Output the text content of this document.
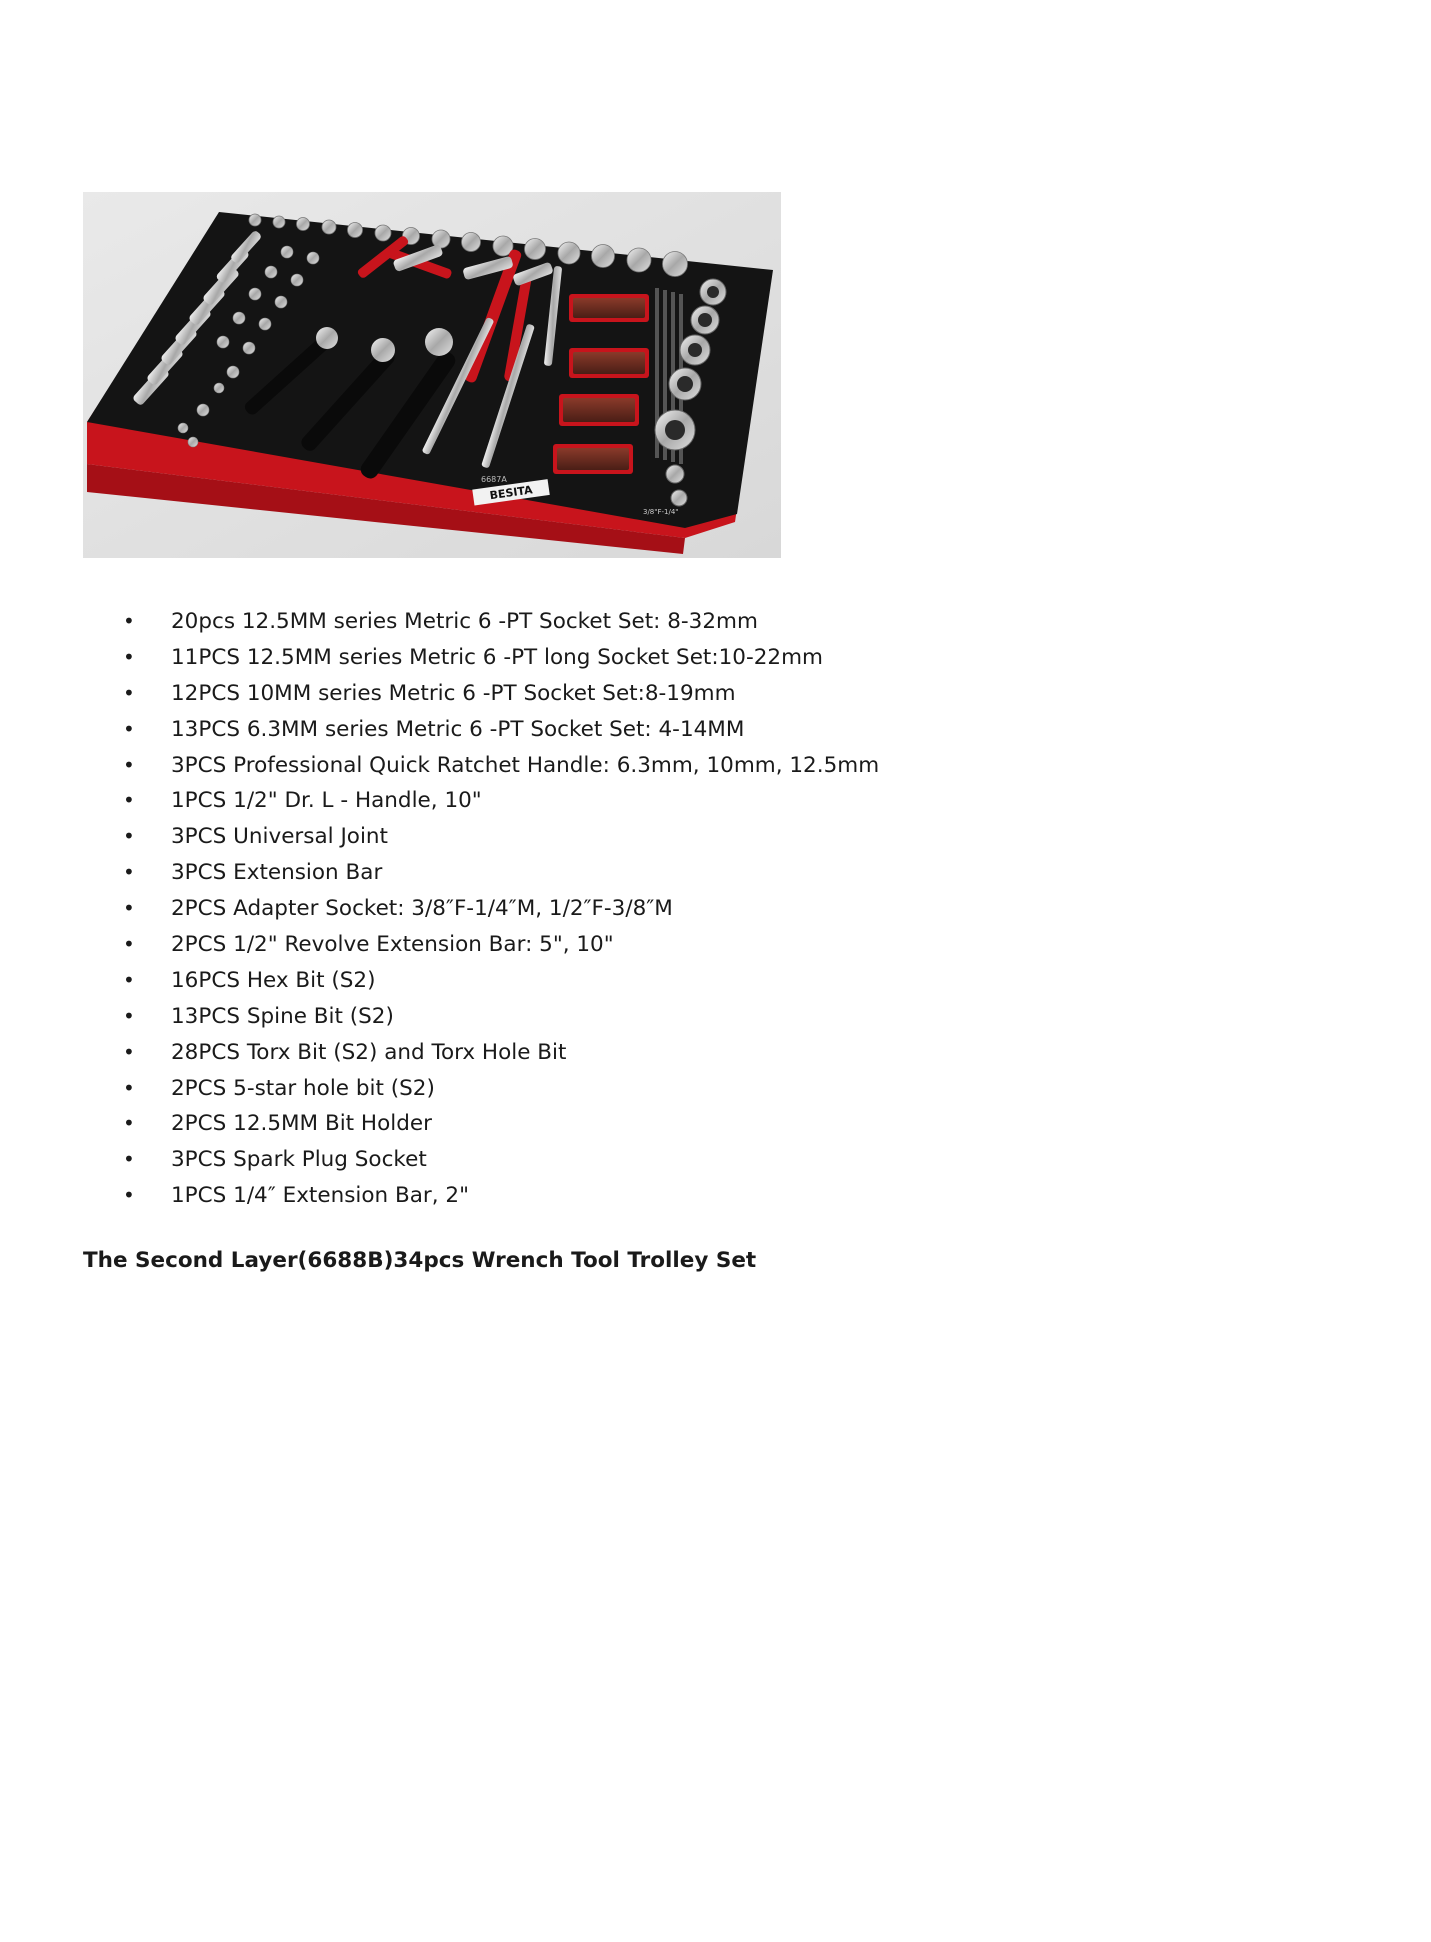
6687A
BESITA
3/8"F-1/4"
• 20pcs 12.5MM series Metric 6 -PT Socket Set: 8-32mm
• 11PCS 12.5MM series Metric 6 -PT long Socket Set:10-22mm
• 12PCS 10MM series Metric 6 -PT Socket Set:8-19mm
• 13PCS 6.3MM series Metric 6 -PT Socket Set: 4-14MM
• 3PCS Professional Quick Ratchet Handle: 6.3mm, 10mm, 12.5mm
• 1PCS 1/2" Dr. L - Handle, 10"
• 3PCS Universal Joint
• 3PCS Extension Bar
• 2PCS Adapter Socket: 3/8″F-1/4″M, 1/2″F-3/8″M
• 2PCS 1/2" Revolve Extension Bar: 5", 10"
• 16PCS Hex Bit (S2)
• 13PCS Spine Bit (S2)
• 28PCS Torx Bit (S2) and Torx Hole Bit
• 2PCS 5-star hole bit (S2)
• 2PCS 12.5MM Bit Holder
• 3PCS Spark Plug Socket
• 1PCS 1/4″ Extension Bar, 2"
The Second Layer(6688B)34pcs Wrench Tool Trolley Set
